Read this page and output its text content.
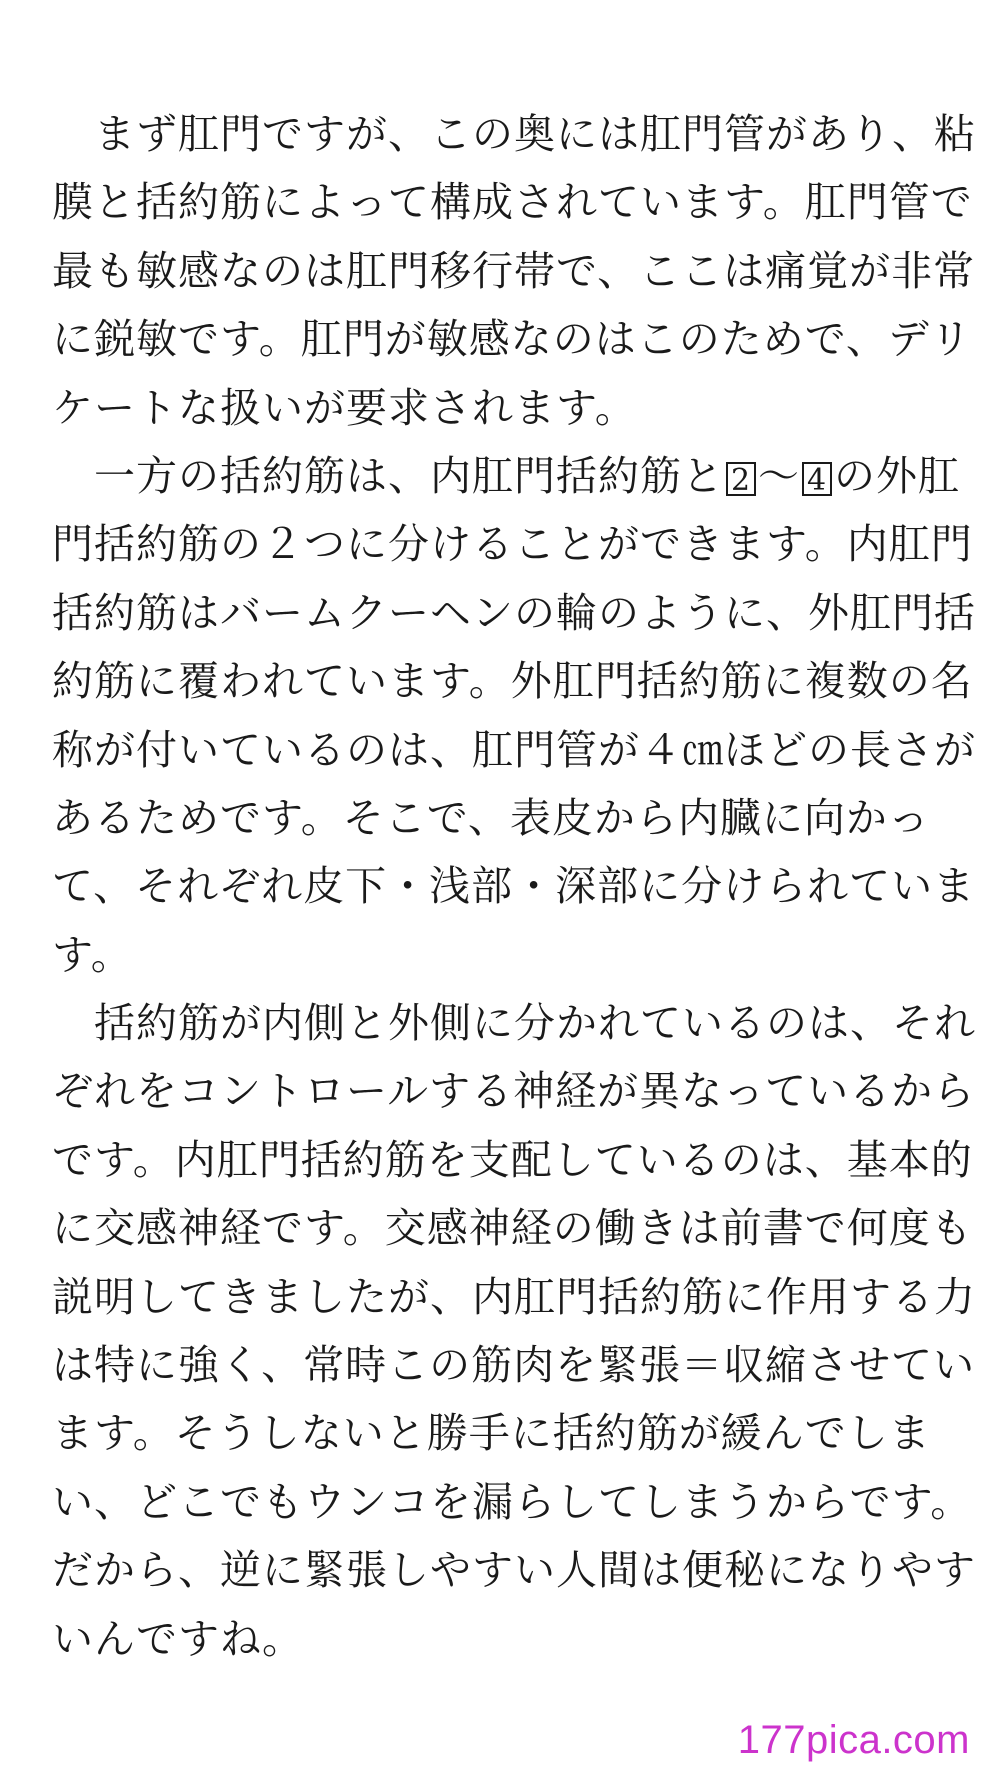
　まず肛門ですが、この奥には肛門管があり、粘
膜と括約筋によって構成されています。肛門管で
最も敏感なのは肛門移行帯で、ここは痛覚が非常
に鋭敏です。肛門が敏感なのはこのためで、デリ
ケートな扱いが要求されます。
　一方の括約筋は、内肛門括約筋と 2 〜 4 の外肛
門括約筋の２つに分けることができます。内肛門
括約筋はバームクーヘンの輪のように、外肛門括
約筋に覆われています。外肛門括約筋に複数の名
称が付いているのは、肛門管が４㎝ほどの長さが
あるためです。そこで、表皮から内臓に向かっ
て、それぞれ皮下・浅部・深部に分けられていま
す。
　括約筋が内側と外側に分かれているのは、それ
ぞれをコントロールする神経が異なっているから
です。内肛門括約筋を支配しているのは、基本的
に交感神経です。交感神経の働きは前書で何度も
説明してきましたが、内肛門括約筋に作用する力
は特に強く、常時この筋肉を緊張＝収縮させてい
ます。そうしないと勝手に括約筋が緩んでしま
い、どこでもウンコを漏らしてしまうからです。
だから、逆に緊張しやすい人間は便秘になりやす
いんですね。
177pica.com
